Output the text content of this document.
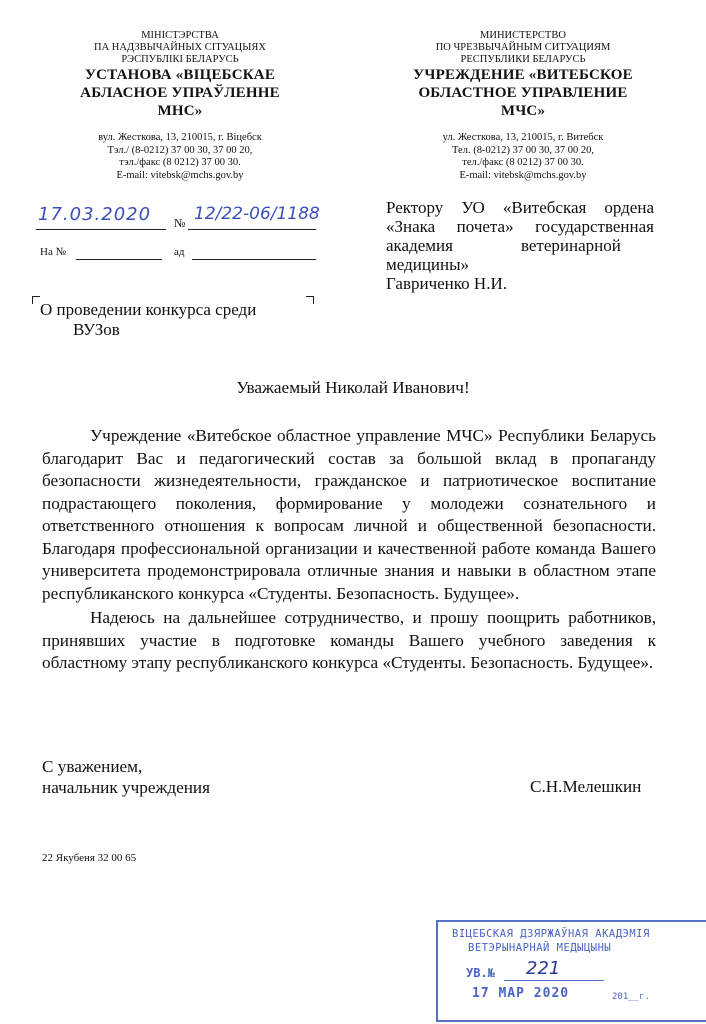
МІНІСТЭРСТВА
ПА НАДЗВЫЧАЙНЫХ СІТУАЦЫЯХ
РЭСПУБЛІКІ БЕЛАРУСЬ
УСТАНОВА «ВІЦЕБСКАЕ
АБЛАСНОЕ УПРАЎЛЕННЕ МНС»
вул. Жесткова, 13, 210015, г. Віцебск
Тэл./ (8-0212) 37 00 30, 37 00 20,
тэл./факс (8 0212) 37 00 30.
E-mail: vitebsk@mchs.gov.by
МИНИСТЕРСТВО
ПО ЧРЕЗВЫЧАЙНЫМ СИТУАЦИЯМ
РЕСПУБЛИКИ БЕЛАРУСЬ
УЧРЕЖДЕНИЕ «ВИТЕБСКОЕ
ОБЛАСТНОЕ УПРАВЛЕНИЕ МЧС»
ул. Жесткова, 13, 210015, г. Витебск
Тел. (8-0212) 37 00 30, 37 00 20,
тел./факс (8 0212) 37 00 30.
E-mail: vitebsk@mchs.gov.by
17.03.2020 № 12/22-06/1188
На №	ад
Ректору УО «Витебская ордена
«Знака почета» государственная
академия                ветеринарной
медицины»
Гавриченко Н.И.
О проведении конкурса среди
ВУЗов
Уважаемый Николай Иванович!

Учреждение «Витебское областное управление МЧС» Республики Беларусь благодарит Вас и педагогический состав за большой вклад в пропаганду безопасности жизнедеятельности, гражданское и патриотическое воспитание подрастающего поколения, формирование у молодежи сознательного и ответственного отношения к вопросам личной и общественной безопасности. Благодаря профессиональной организации и качественной работе команда Вашего университета продемонстрировала отличные знания и навыки в областном этапе республиканского конкурса «Студенты. Безопасность. Будущее».

Надеюсь на дальнейшее сотрудничество, и прошу поощрить работников, принявших участие в подготовке команды Вашего учебного заведения к областному этапу республиканского конкурса «Студенты. Безопасность. Будущее».

С уважением,
начальник учреждения	С.Н.Мелешкин
22 Якубеня 32 00 65
ВІЦЕБСКАЯ ДЗЯРЖАЎНАЯ АКАДЭМІЯ
ВЕТЭРЫНАРНАЙ МЕДЫЦЫНЫ
УВ.№ 221
17 МАР 2020	201__г.
